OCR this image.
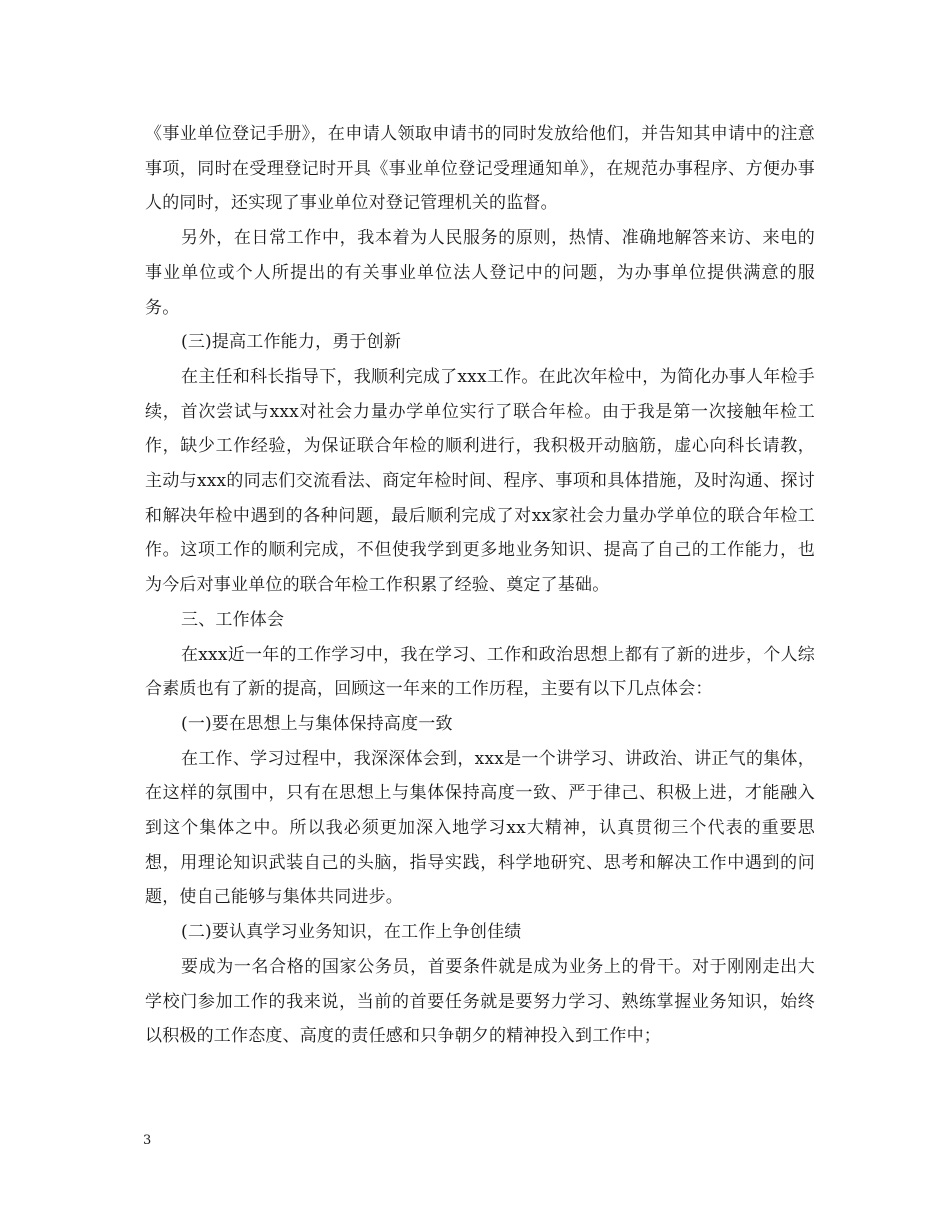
《事业单位登记手册》，在申请人领取申请书的同时发放给他们，并告知其申请中的注意事项，同时在受理登记时开具《事业单位登记受理通知单》，在规范办事程序、方便办事人的同时，还实现了事业单位对登记管理机关的监督。

另外，在日常工作中，我本着为人民服务的原则，热情、准确地解答来访、来电的事业单位或个人所提出的有关事业单位法人登记中的问题，为办事单位提供满意的服务。

(三)提高工作能力，勇于创新

在主任和科长指导下，我顺利完成了xxx工作。在此次年检中，为简化办事人年检手续，首次尝试与xxx对社会力量办学单位实行了联合年检。由于我是第一次接触年检工作，缺少工作经验，为保证联合年检的顺利进行，我积极开动脑筋，虚心向科长请教，主动与xxx的同志们交流看法、商定年检时间、程序、事项和具体措施，及时沟通、探讨和解决年检中遇到的各种问题，最后顺利完成了对xx家社会力量办学单位的联合年检工作。这项工作的顺利完成，不但使我学到更多地业务知识、提高了自己的工作能力，也为今后对事业单位的联合年检工作积累了经验、奠定了基础。

三、工作体会

在xxx近一年的工作学习中，我在学习、工作和政治思想上都有了新的进步，个人综合素质也有了新的提高，回顾这一年来的工作历程，主要有以下几点体会：

(一)要在思想上与集体保持高度一致

在工作、学习过程中，我深深体会到，xxx是一个讲学习、讲政治、讲正气的集体，在这样的氛围中，只有在思想上与集体保持高度一致、严于律己、积极上进，才能融入到这个集体之中。所以我必须更加深入地学习xx大精神，认真贯彻三个代表的重要思想，用理论知识武装自己的头脑，指导实践，科学地研究、思考和解决工作中遇到的问题，使自己能够与集体共同进步。

(二)要认真学习业务知识，在工作上争创佳绩

要成为一名合格的国家公务员，首要条件就是成为业务上的骨干。对于刚刚走出大学校门参加工作的我来说，当前的首要任务就是要努力学习、熟练掌握业务知识，始终以积极的工作态度、高度的责任感和只争朝夕的精神投入到工作中；

3
